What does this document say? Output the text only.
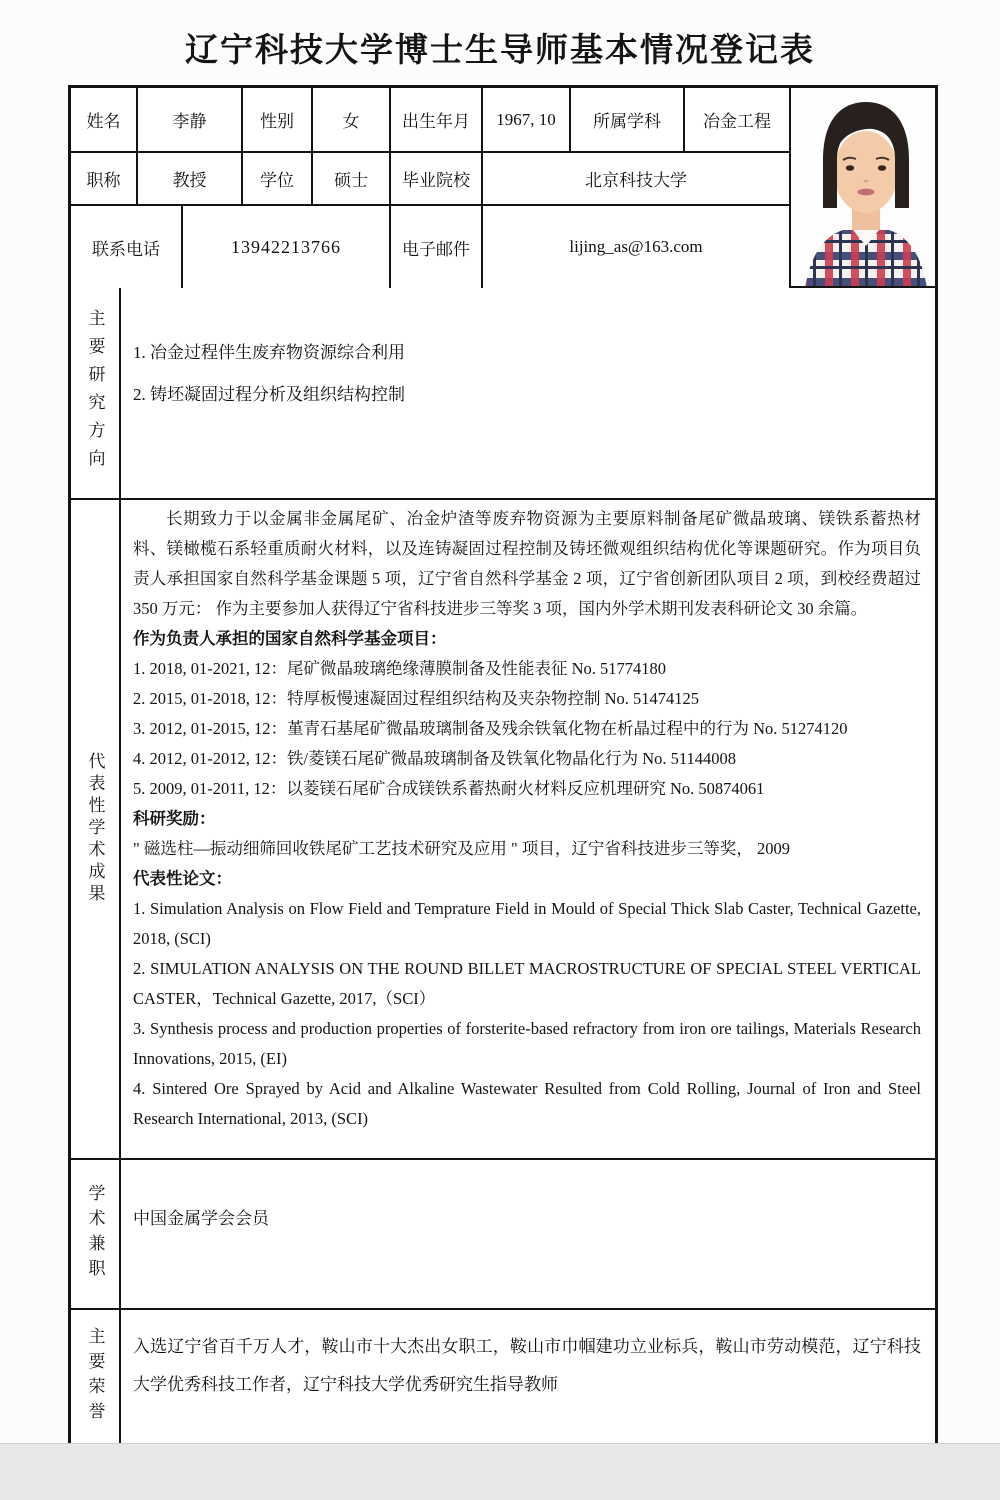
辽宁科技大学博士生导师基本情况登记表
姓名	李静	性别	女	出生年月	1967, 10	所属学科	冶金工程
职称	教授	学位	硕士	毕业院校	北京科技大学
联系电话	13942213766	电子邮件	lijing_as@163.com
主要研究方向 1. 冶金过程伴生废弃物资源综合利用

2. 铸坯凝固过程分析及组织结构控制

代表性学术成果

长期致力于以金属非金属尾矿、冶金炉渣等废弃物资源为主要原料制备尾矿微晶玻璃、镁铁系蓄热材料、镁橄榄石系轻重质耐火材料，以及连铸凝固过程控制及铸坯微观组织结构优化等课题研究。作为项目负责人承担国家自然科学基金课题 5 项，辽宁省自然科学基金 2 项，辽宁省创新团队项目 2 项，到校经费超过 350 万元： 作为主要参加人获得辽宁省科技进步三等奖 3 项，国内外学术期刊发表科研论文 30 余篇。

作为负责人承担的国家自然科学基金项目：

1. 2018, 01-2021, 12：尾矿微晶玻璃绝缘薄膜制备及性能表征 No. 51774180

2. 2015, 01-2018, 12：特厚板慢速凝固过程组织结构及夹杂物控制 No. 51474125

3. 2012, 01-2015, 12：堇青石基尾矿微晶玻璃制备及残余铁氧化物在析晶过程中的行为 No. 51274120

4. 2012, 01-2012, 12：铁/菱镁石尾矿微晶玻璃制备及铁氧化物晶化行为 No. 51144008

5. 2009, 01-2011, 12：以菱镁石尾矿合成镁铁系蓄热耐火材料反应机理研究 No. 50874061

科研奖励：

" 磁选柱—振动细筛回收铁尾矿工艺技术研究及应用 " 项目，辽宁省科技进步三等奖， 2009

代表性论文：

1. Simulation Analysis on Flow Field and Temprature Field in Mould of Special Thick Slab Caster, Technical Gazette, 2018, (SCI)

2. SIMULATION ANALYSIS ON THE ROUND BILLET MACROSTRUCTURE OF SPECIAL STEEL VERTICAL CASTER，Technical Gazette, 2017,（SCI）

3. Synthesis process and production properties of forsterite-based refractory from iron ore tailings, Materials Research Innovations, 2015, (EI)

4. Sintered Ore Sprayed by Acid and Alkaline Wastewater Resulted from Cold Rolling, Journal of Iron and Steel Research International, 2013, (SCI)

学术兼职 中国金属学会会员

主要荣誉 入选辽宁省百千万人才，鞍山市十大杰出女职工，鞍山市巾帼建功立业标兵，鞍山市劳动模范，辽宁科技大学优秀科技工作者，辽宁科技大学优秀研究生指导教师
